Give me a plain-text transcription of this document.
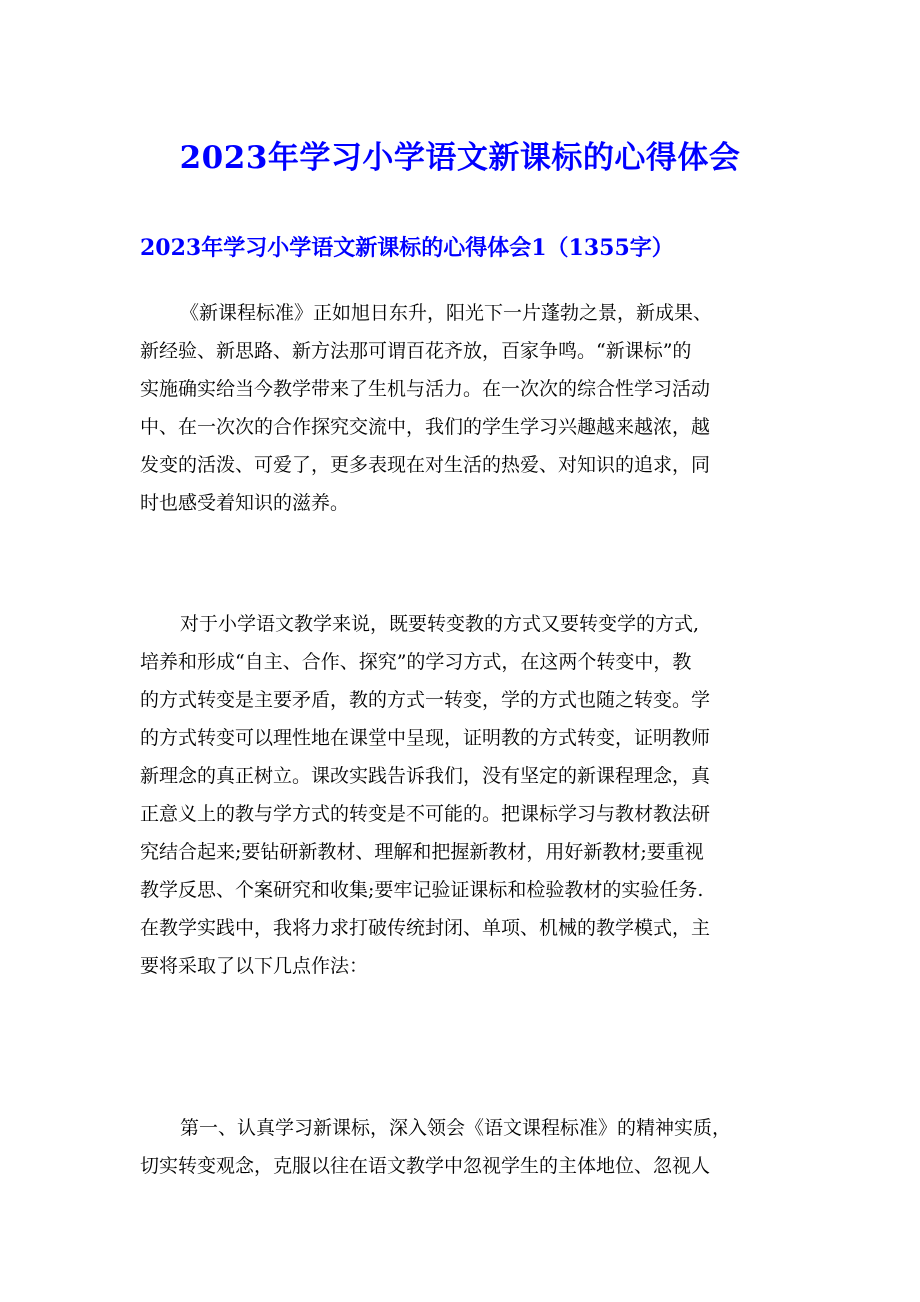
2023年学习小学语文新课标的心得体会
2023年学习小学语文新课标的心得体会1（1355字）
《新课程标准》正如旭日东升，阳光下一片蓬勃之景，新成果、
新经验、新思路、新方法那可谓百花齐放，百家争鸣。“新课标”的
实施确实给当今教学带来了生机与活力。在一次次的综合性学习活动
中、在一次次的合作探究交流中，我们的学生学习兴趣越来越浓，越
发变的活泼、可爱了，更多表现在对生活的热爱、对知识的追求，同
时也感受着知识的滋养。
对于小学语文教学来说，既要转变教的方式又要转变学的方式,
培养和形成“自主、合作、探究”的学习方式，在这两个转变中，教
的方式转变是主要矛盾，教的方式一转变，学的方式也随之转变。学
的方式转变可以理性地在课堂中呈现，证明教的方式转变，证明教师
新理念的真正树立。课改实践告诉我们，没有坚定的新课程理念，真
正意义上的教与学方式的转变是不可能的。把课标学习与教材教法研
究结合起来;要钻研新教材、理解和把握新教材，用好新教材;要重视
教学反思、个案研究和收集;要牢记验证课标和检验教材的实验任务.
在教学实践中，我将力求打破传统封闭、单项、机械的教学模式，主
要将采取了以下几点作法：
第一、认真学习新课标，深入领会《语文课程标准》的精神实质，
切实转变观念，克服以往在语文教学中忽视学生的主体地位、忽视人
